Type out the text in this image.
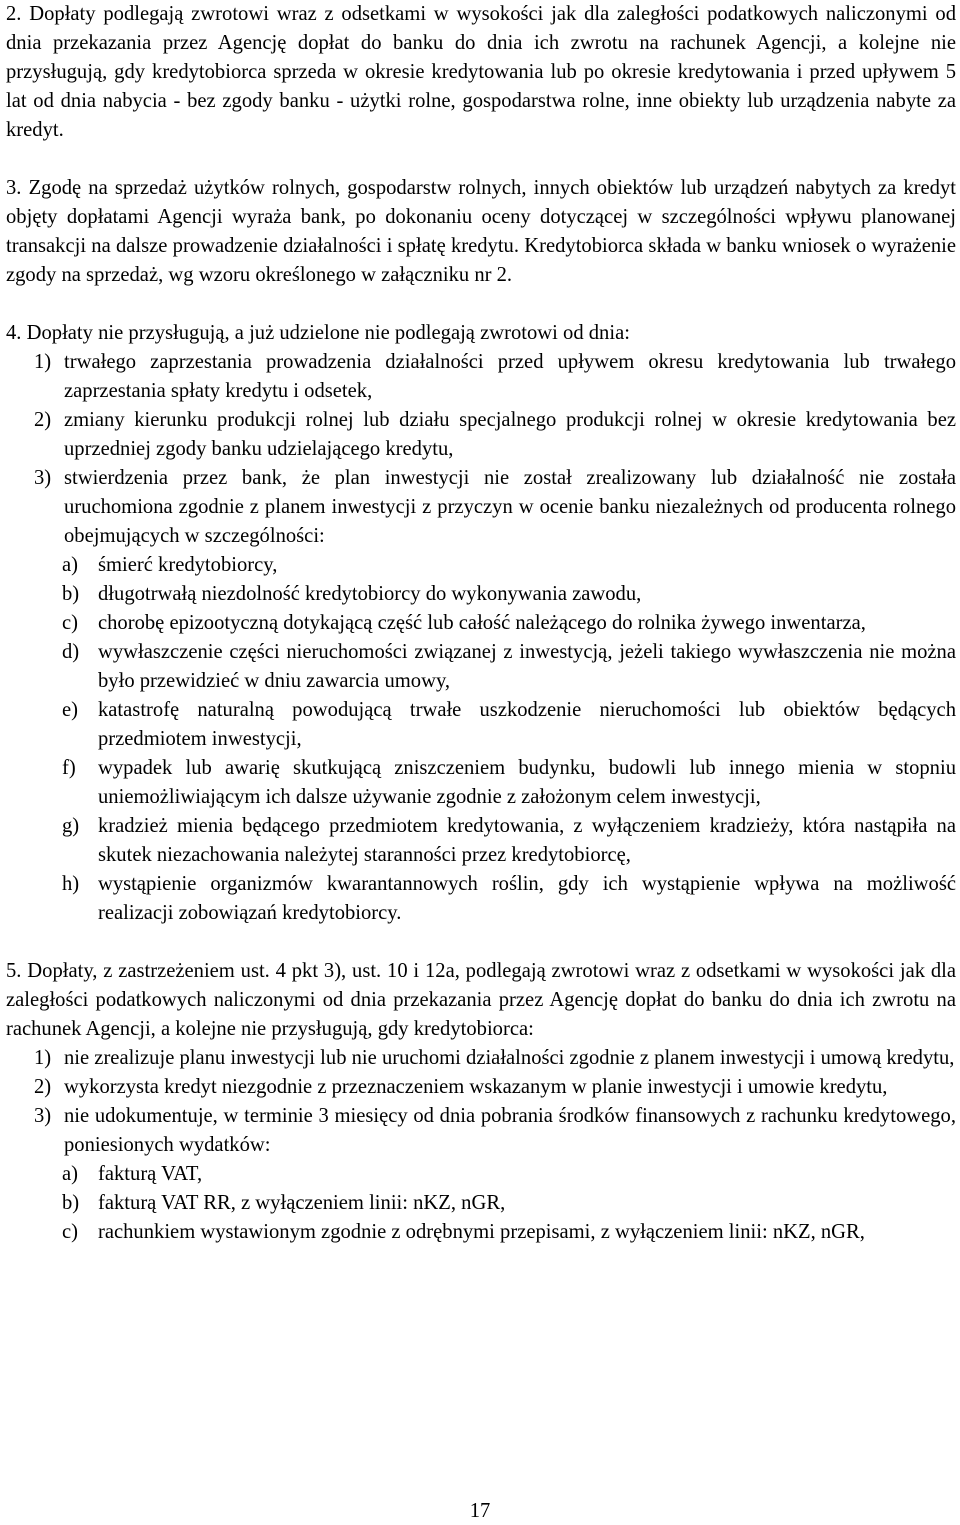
2. Dopłaty podlegają zwrotowi wraz z odsetkami w wysokości jak dla zaległości podatkowych naliczonymi od dnia przekazania przez Agencję dopłat do banku do dnia ich zwrotu na rachunek Agencji, a kolejne nie przysługują, gdy kredytobiorca sprzeda w okresie kredytowania lub po okresie kredytowania i przed upływem 5 lat od dnia nabycia - bez zgody banku - użytki rolne, gospodarstwa rolne, inne obiekty lub urządzenia nabyte za kredyt.

3. Zgodę na sprzedaż użytków rolnych, gospodarstw rolnych, innych obiektów lub urządzeń nabytych za kredyt objęty dopłatami Agencji wyraża bank, po dokonaniu oceny dotyczącej w szczególności wpływu planowanej transakcji na dalsze prowadzenie działalności i spłatę kredytu. Kredytobiorca składa w banku wniosek o wyrażenie zgody na sprzedaż, wg wzoru określonego w załączniku nr 2.

4. Dopłaty nie przysługują, a już udzielone nie podlegają zwrotowi od dnia:

1) trwałego zaprzestania prowadzenia działalności przed upływem okresu kredytowania lub trwałego zaprzestania spłaty kredytu i odsetek,
2) zmiany kierunku produkcji rolnej lub działu specjalnego produkcji rolnej w okresie kredytowania bez uprzedniej zgody banku udzielającego kredytu,
3) stwierdzenia przez bank, że plan inwestycji nie został zrealizowany lub działalność nie została uruchomiona zgodnie z planem inwestycji z przyczyn w ocenie banku niezależnych od producenta rolnego obejmujących w szczególności:
a) śmierć kredytobiorcy,
b) długotrwałą niezdolność kredytobiorcy do wykonywania zawodu,
c) chorobę epizootyczną dotykającą część lub całość należącego do rolnika żywego inwentarza,
d) wywłaszczenie części nieruchomości związanej z inwestycją, jeżeli takiego wywłaszczenia nie można było przewidzieć w dniu zawarcia umowy,
e) katastrofę naturalną powodującą trwałe uszkodzenie nieruchomości lub obiektów będących przedmiotem inwestycji,
f) wypadek lub awarię skutkującą zniszczeniem budynku, budowli lub innego mienia w stopniu uniemożliwiającym ich dalsze używanie zgodnie z założonym celem inwestycji,
g) kradzież mienia będącego przedmiotem kredytowania, z wyłączeniem kradzieży, która nastąpiła na skutek niezachowania należytej staranności przez kredytobiorcę,
h) wystąpienie organizmów kwarantannowych roślin, gdy ich wystąpienie wpływa na możliwość realizacji zobowiązań kredytobiorcy.

5. Dopłaty, z zastrzeżeniem ust. 4 pkt 3), ust. 10 i 12a, podlegają zwrotowi wraz z odsetkami w wysokości jak dla zaległości podatkowych naliczonymi od dnia przekazania przez Agencję dopłat do banku do dnia ich zwrotu na rachunek Agencji, a kolejne nie przysługują, gdy kredytobiorca:

1) nie zrealizuje planu inwestycji lub nie uruchomi działalności zgodnie z planem inwestycji i umową kredytu,
2) wykorzysta kredyt niezgodnie z przeznaczeniem wskazanym w planie inwestycji i umowie kredytu,
3) nie udokumentuje, w terminie 3 miesięcy od dnia pobrania środków finansowych z rachunku kredytowego, poniesionych wydatków:
a) fakturą VAT,
b) fakturą VAT RR, z wyłączeniem linii: nKZ, nGR,
c) rachunkiem wystawionym zgodnie z odrębnymi przepisami, z wyłączeniem linii: nKZ, nGR,
17
